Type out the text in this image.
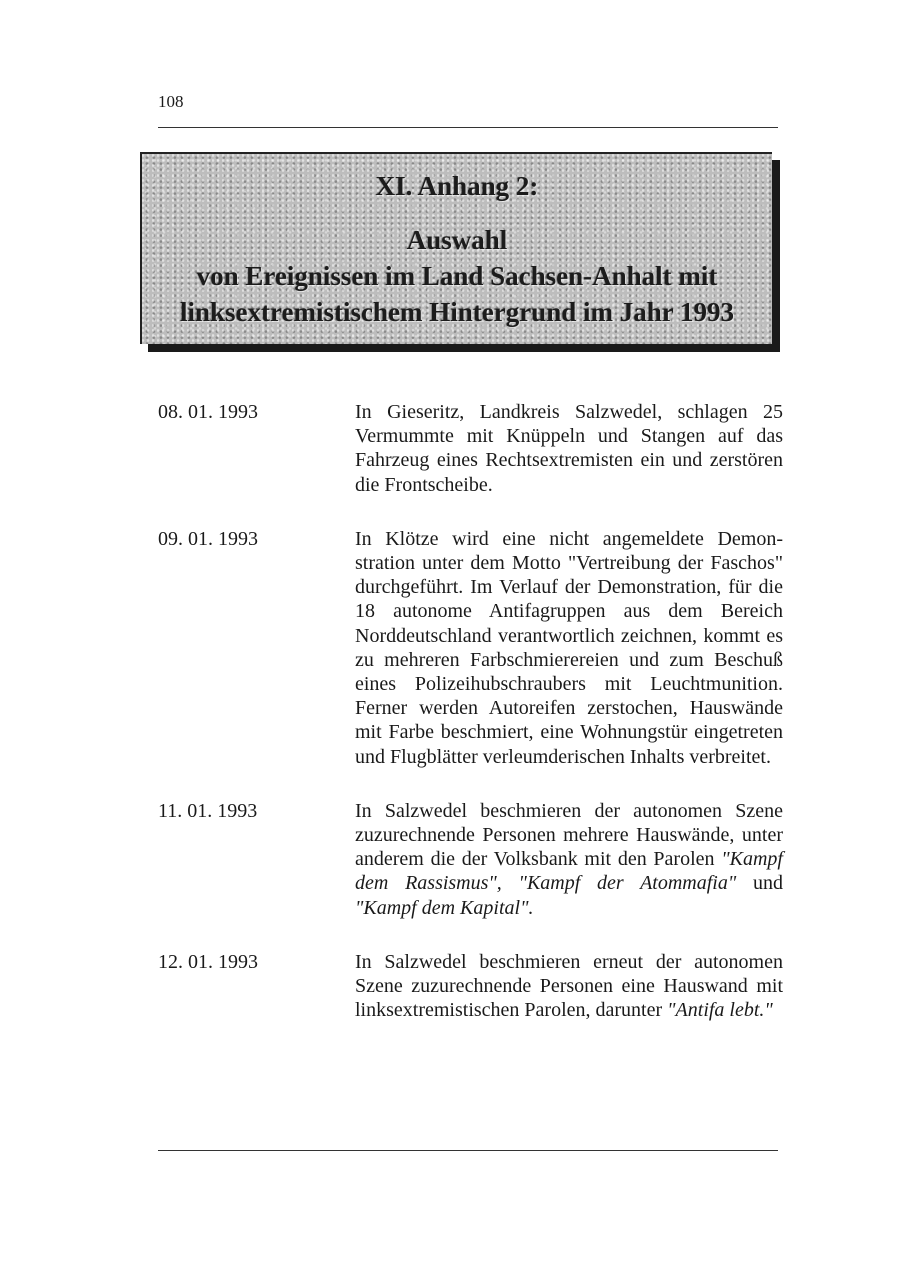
108
XI. Anhang 2:
Auswahl
von Ereignissen im Land Sachsen-Anhalt mit
linksextremistischem Hintergrund im Jahr 1993
08. 01. 1993	In Gieseritz, Landkreis Salzwedel, schlagen 25 Vermummte mit Knüppeln und Stangen auf das Fahrzeug eines Rechtsextremisten ein und zerstören die Frontscheibe.
09. 01. 1993	In Klötze wird eine nicht angemeldete Demonstration unter dem Motto "Vertreibung der Faschos" durchgeführt. Im Verlauf der Demonstration, für die 18 autonome Antifagruppen aus dem Bereich Norddeutschland verantwortlich zeichnen, kommt es zu mehreren Farbschmierereien und zum Beschuß eines Polizeihubschraubers mit Leuchtmunition. Ferner werden Autoreifen zerstochen, Hauswände mit Farbe beschmiert, eine Wohnungstür eingetreten und Flugblätter verleumderischen Inhalts verbreitet.
11. 01. 1993	In Salzwedel beschmieren der autonomen Szene zuzurechnende Personen mehrere Hauswände, unter anderem die der Volksbank mit den Parolen "Kampf dem Rassismus", "Kampf der Atommafia" und "Kampf dem Kapital".
12. 01. 1993	In Salzwedel beschmieren erneut der autonomen Szene zuzurechnende Personen eine Hauswand mit linksextremistischen Parolen, darunter "Antifa lebt."
